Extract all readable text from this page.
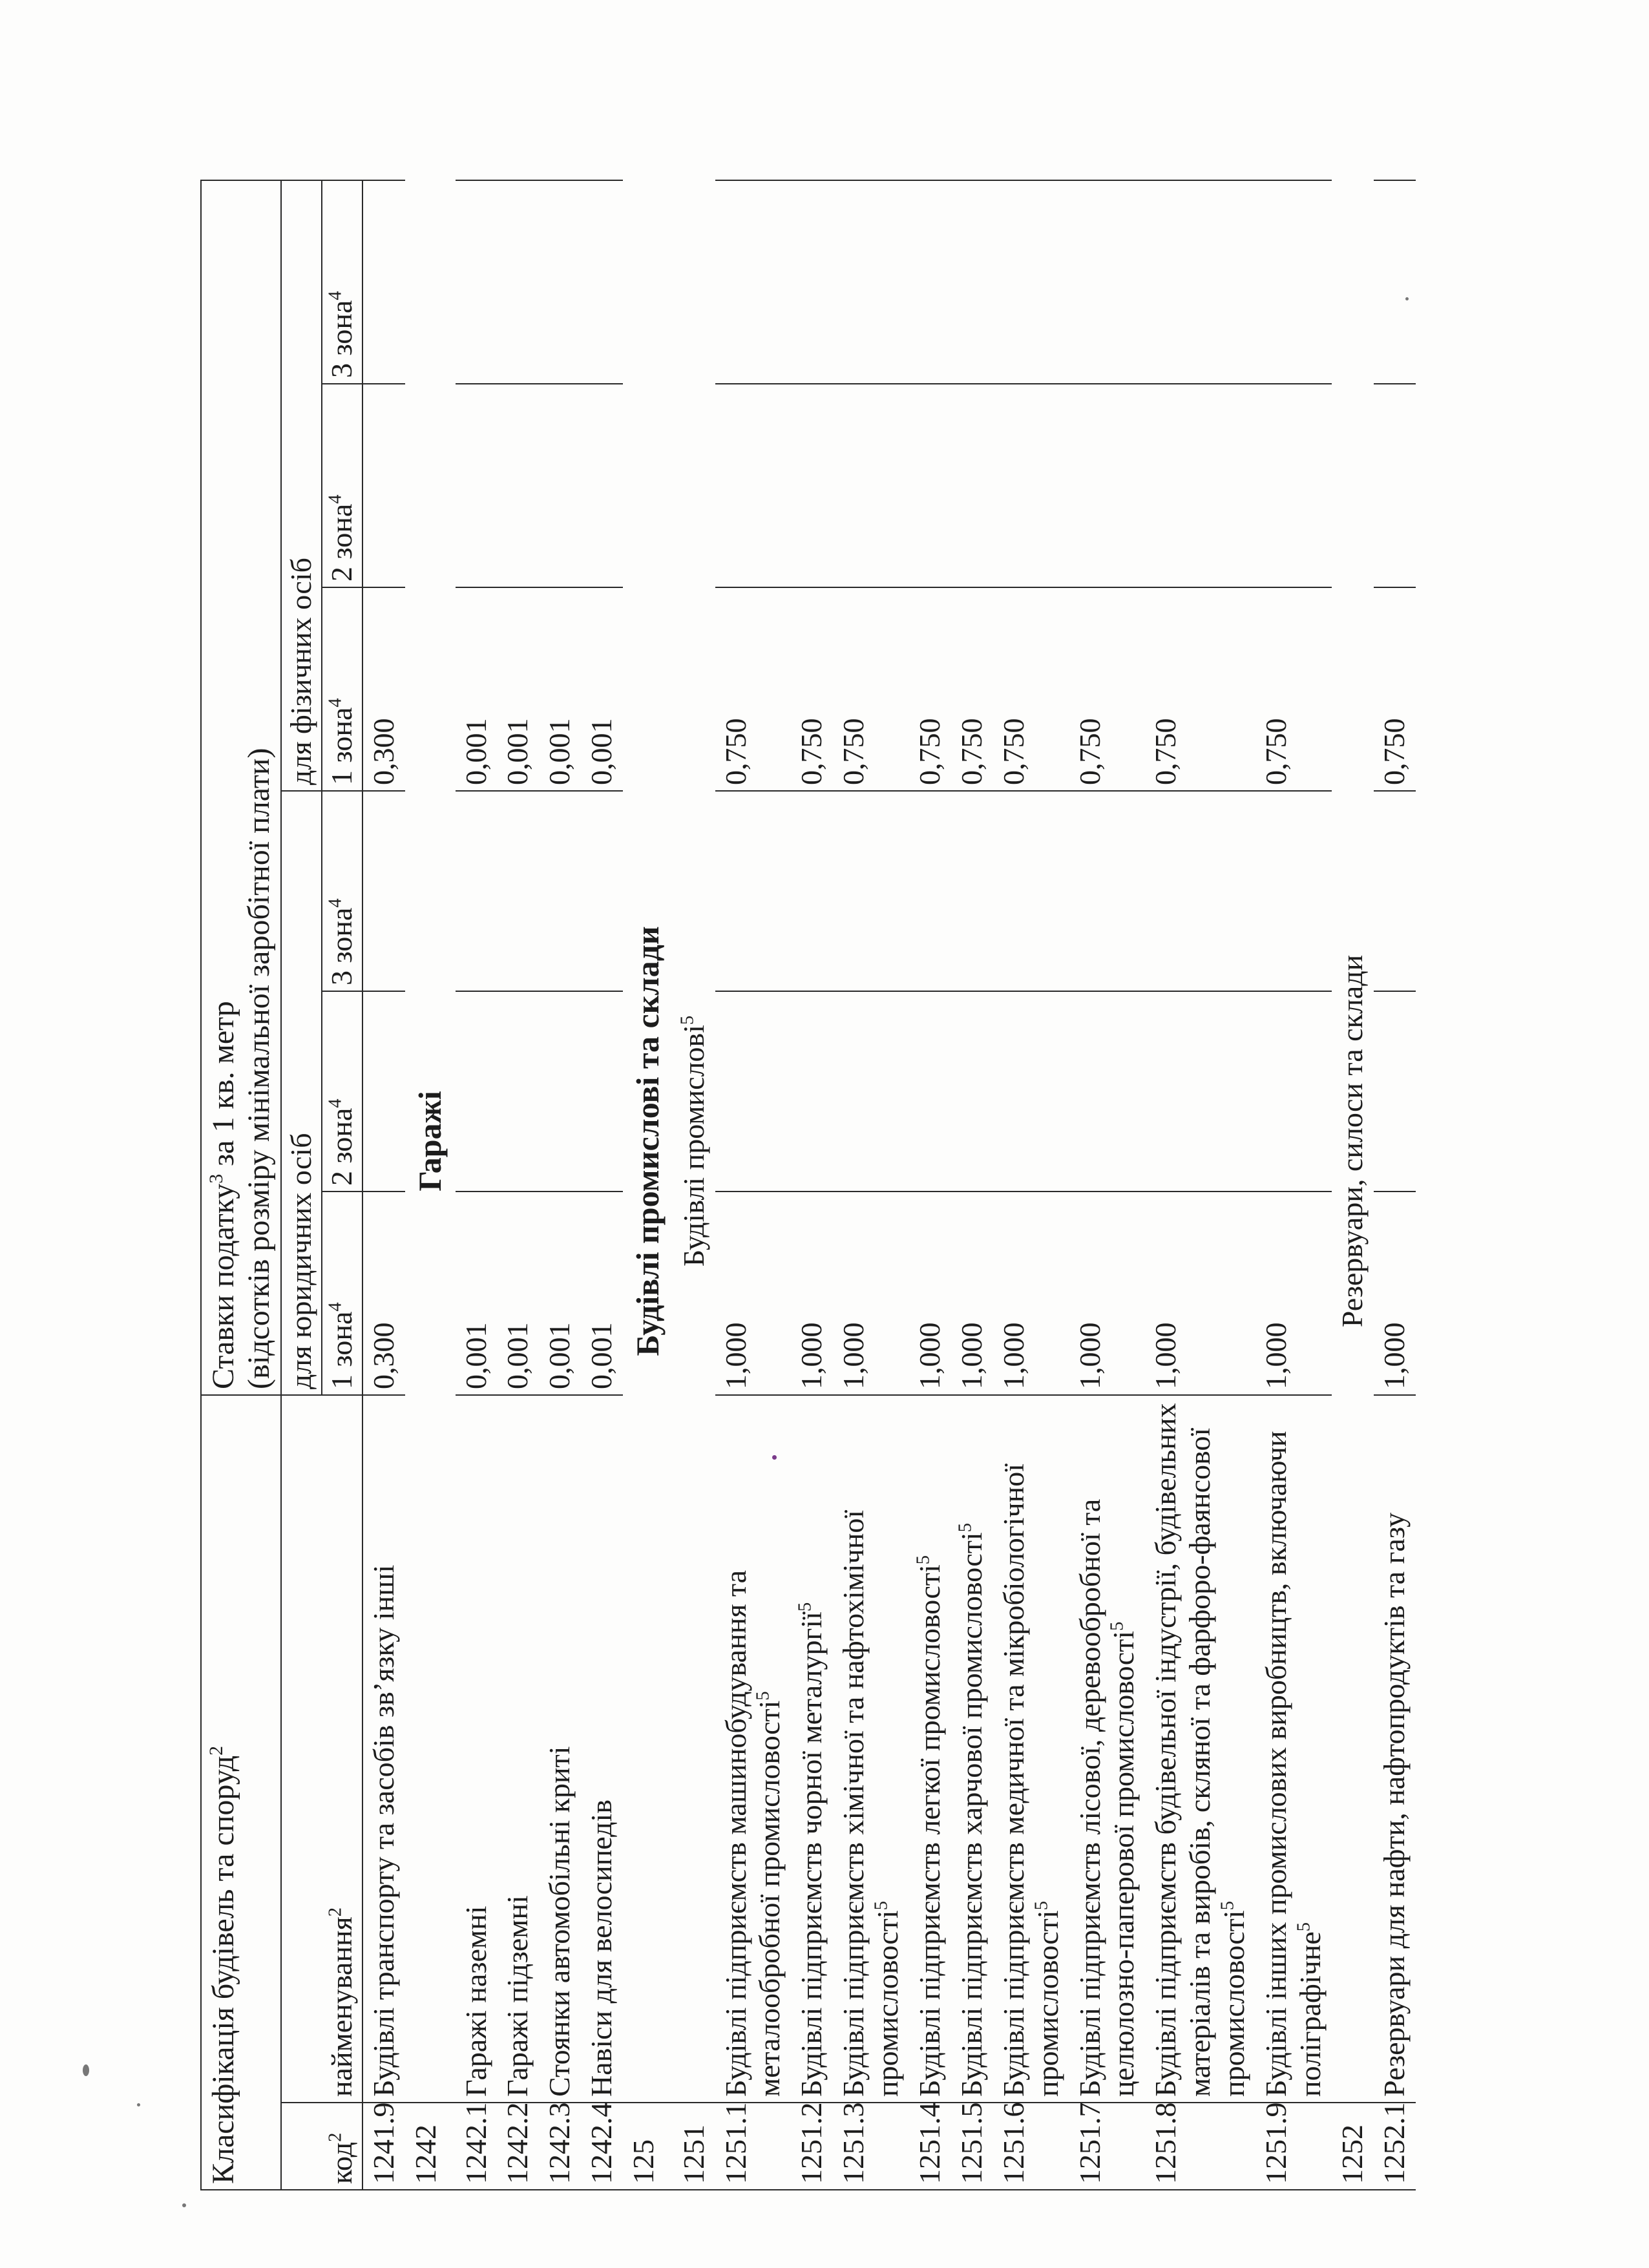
Класифікація будівель та споруд$^2$		Ставки податку$^3$ за 1 кв. метр
(відсотків розміру мінімальної заробітної плати)					
код$^2$	найменування$^2$	для юридичних осіб			для фізичних осіб		
		1 зона$^4$	2 зона$^4$	3 зона$^4$	1 зона$^4$	2 зона$^4$	3 зона$^4$
1241.9	Будівлі транспорту та засобів зв’язку інші	0,300			0,300		
1242	Гаражі						
1242.1	Гаражі наземні	0,001			0,001		
1242.2	Гаражі підземні	0,001			0,001		
1242.3	Стоянки автомобільні криті	0,001			0,001		
1242.4	Навіси для велосипедів	0,001			0,001		
125	Будівлі промислові та склади						
1251	Будівлі промислові$^5$
1251.1	Будівлі підприємств машинобудування та металообробної промисловості$^5$	1,000			0,750		
1251.2	Будівлі підприємств чорної металургії$^5$	1,000			0,750		
1251.3	Будівлі підприємств хімічної та нафтохімічної промисловості$^5$	1,000			0,750		
1251.4	Будівлі підприємств легкої промисловості$^5$	1,000			0,750		
1251.5	Будівлі підприємств харчової промисловості$^5$	1,000			0,750		
1251.6	Будівлі підприємств медичної та мікробіологічної промисловості$^5$	1,000			0,750		
1251.7	Будівлі підприємств лісової, деревообробної та целюлозно-паперової промисловості$^5$	1,000			0,750		
1251.8	Будівлі підприємств будівельної індустрії, будівельних матеріалів та виробів, скляної та фарфоро-фаянсової промисловості$^5$	1,000			0,750		
1251.9	Будівлі інших промислових виробництв, включаючи поліграфічне$^5$	1,000			0,750		
1252	Резервуари, силоси та склади						
1252.1	Резервуари для нафти, нафтопродуктів та газу	1,000			0,750		
